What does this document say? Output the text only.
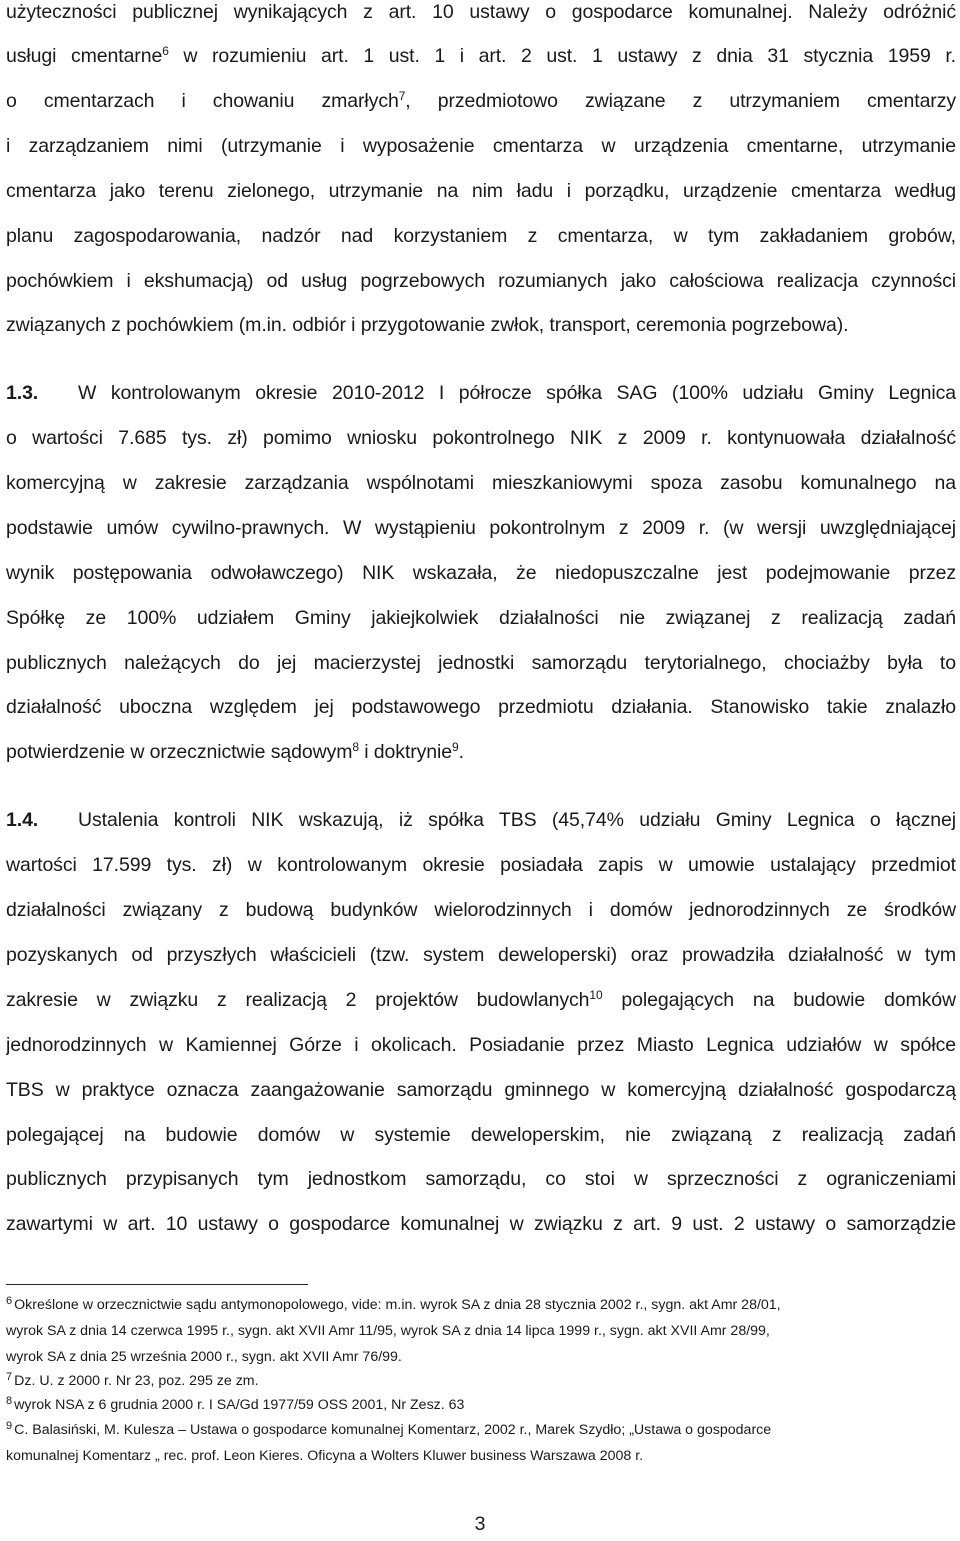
użyteczności publicznej wynikających z art. 10 ustawy o gospodarce komunalnej. Należy odróżnić
usługi cmentarne$^6$ w rozumieniu art. 1 ust. 1 i art. 2 ust. 1 ustawy z dnia 31 stycznia 1959 r.
o cmentarzach i chowaniu zmarłych$^7$, przedmiotowo związane z utrzymaniem cmentarzy
i zarządzaniem nimi (utrzymanie i wyposażenie cmentarza w urządzenia cmentarne, utrzymanie
cmentarza jako terenu zielonego, utrzymanie na nim ładu i porządku, urządzenie cmentarza według
planu zagospodarowania, nadzór nad korzystaniem z cmentarza, w tym zakładaniem grobów,
pochówkiem i ekshumacją) od usług pogrzebowych rozumianych jako całościowa realizacja czynności
związanych z pochówkiem (m.in. odbiór i przygotowanie zwłok, transport, ceremonia pogrzebowa).
1.3.	W kontrolowanym okresie 2010-2012 I półrocze spółka SAG (100% udziału Gminy Legnica
o wartości 7.685 tys. zł) pomimo wniosku pokontrolnego NIK z 2009 r. kontynuowała działalność
komercyjną w zakresie zarządzania wspólnotami mieszkaniowymi spoza zasobu komunalnego na
podstawie umów cywilno-prawnych. W wystąpieniu pokontrolnym z 2009 r. (w wersji uwzględniającej
wynik postępowania odwoławczego) NIK wskazała, że niedopuszczalne jest podejmowanie przez
Spółkę ze 100% udziałem Gminy jakiejkolwiek działalności nie związanej z realizacją zadań
publicznych należących do jej macierzystej jednostki samorządu terytorialnego, chociażby była to
działalność uboczna względem jej podstawowego przedmiotu działania. Stanowisko takie znalazło
potwierdzenie w orzecznictwie sądowym$^8$ i doktrynie$^9$.
1.4.	Ustalenia kontroli NIK wskazują, iż spółka TBS (45,74% udziału Gminy Legnica o łącznej
wartości 17.599 tys. zł) w kontrolowanym okresie posiadała zapis w umowie ustalający przedmiot
działalności związany z budową budynków wielorodzinnych i domów jednorodzinnych ze środków
pozyskanych od przyszłych właścicieli (tzw. system deweloperski) oraz prowadziła działalność w tym
zakresie w związku z realizacją 2 projektów budowlanych$^{10}$ polegających na budowie domków
jednorodzinnych w Kamiennej Górze i okolicach. Posiadanie przez Miasto Legnica udziałów w spółce
TBS w praktyce oznacza zaangażowanie samorządu gminnego w komercyjną działalność gospodarczą
polegającej na budowie domów w systemie deweloperskim, nie związaną z realizacją zadań
publicznych przypisanych tym jednostkom samorządu, co stoi w sprzeczności z ograniczeniami
zawartymi w art. 10 ustawy o gospodarce komunalnej w związku z art. 9 ust. 2 ustawy o samorządzie
$^6$ Określone w orzecznictwie sądu antymonopolowego, vide: m.in. wyrok SA z dnia 28 stycznia 2002 r., sygn. akt Amr 28/01,
wyrok SA z dnia 14 czerwca 1995 r., sygn. akt XVII Amr 11/95, wyrok SA z dnia 14 lipca 1999 r., sygn. akt XVII Amr 28/99,
wyrok SA z dnia 25 września 2000 r., sygn. akt XVII Amr 76/99.
$^7$ Dz. U. z 2000 r. Nr 23, poz. 295 ze zm.
$^8$ wyrok NSA z 6 grudnia 2000 r. I SA/Gd 1977/59 OSS 2001, Nr Zesz. 63
$^9$ C. Balasiński, M. Kulesza – Ustawa o gospodarce komunalnej Komentarz, 2002 r., Marek Szydło; „Ustawa o gospodarce
komunalnej Komentarz „ rec. prof. Leon Kieres. Oficyna a Wolters Kluwer business Warszawa 2008 r.
3
